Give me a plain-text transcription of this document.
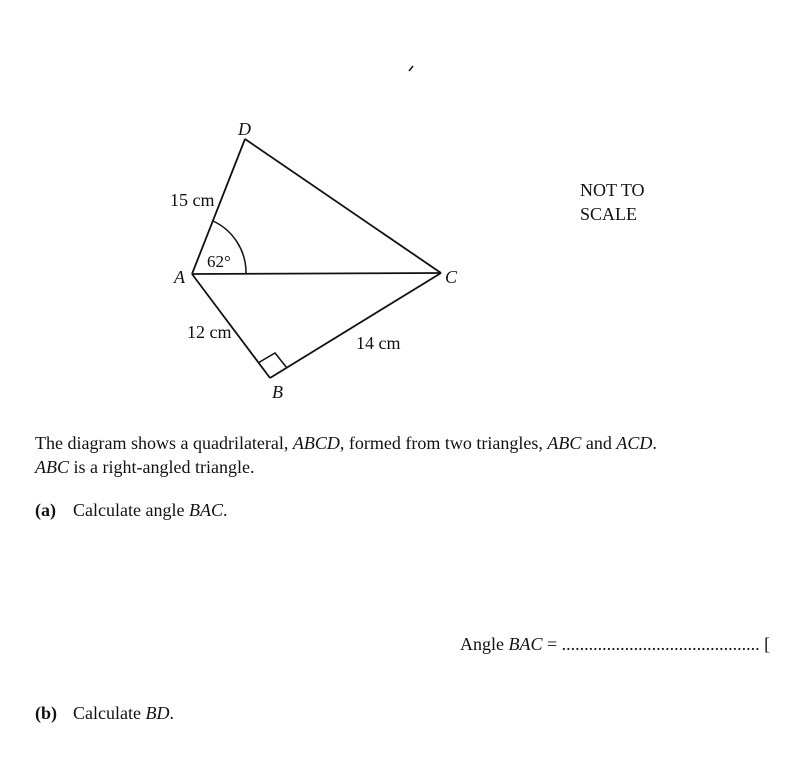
D
A	C
B
15 cm
12 cm
14 cm
62°
NOT TO
SCALE
The diagram shows a quadrilateral, ABCD, formed from two triangles, ABC and ACD.
ABC is a right-angled triangle.
(a) Calculate angle BAC.
Angle BAC = ............................................ [
(b) Calculate BD.
